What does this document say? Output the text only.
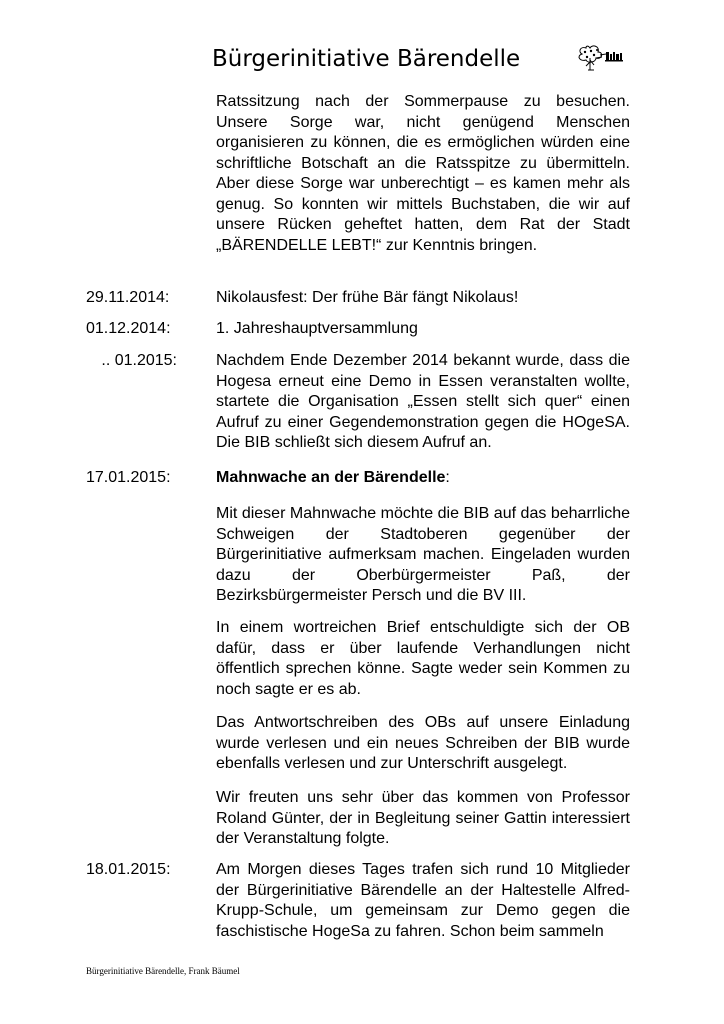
Bürgerinitiative Bärendelle

Ratssitzung nach der Sommerpause zu besuchen. Unsere Sorge war, nicht genügend Menschen organisieren zu können, die es ermöglichen würden eine schriftliche Botschaft an die Ratsspitze zu übermitteln. Aber diese Sorge war unberechtigt – es kamen mehr als genug. So konnten wir mittels Buchstaben, die wir auf unsere Rücken geheftet hatten, dem Rat der Stadt „BÄRENDELLE LEBT!“ zur Kenntnis bringen.

29.11.2014:	Nikolausfest: Der frühe Bär fängt Nikolaus!

01.12.2014:	1. Jahreshauptversammlung

.. 01.2015: Nachdem Ende Dezember 2014 bekannt wurde, dass die Hogesa erneut eine Demo in Essen veranstalten wollte, startete die Organisation „Essen stellt sich quer“ einen Aufruf zu einer Gegendemonstration gegen die HOgeSA. Die BIB schließt sich diesem Aufruf an.

17.01.2015:	Mahnwache an der Bärendelle:

Mit dieser Mahnwache möchte die BIB auf das beharrliche Schweigen der Stadtoberen gegenüber der Bürgerinitiative aufmerksam machen. Eingeladen wurden dazu der Oberbürgermeister Paß, der Bezirksbürgermeister Persch und die BV III.

In einem wortreichen Brief entschuldigte sich der OB dafür, dass er über laufende Verhandlungen nicht öffentlich sprechen könne. Sagte weder sein Kommen zu noch sagte er es ab.

Das Antwortschreiben des OBs auf unsere Einladung wurde verlesen und ein neues Schreiben der BIB wurde ebenfalls verlesen und zur Unterschrift ausgelegt.

Wir freuten uns sehr über das kommen von Professor Roland Günter, der in Begleitung seiner Gattin interessiert der Veranstaltung folgte.

18.01.2015:	Am Morgen dieses Tages trafen sich rund 10 Mitglieder der Bürgerinitiative Bärendelle an der Haltestelle Alfred-Krupp-Schule, um gemeinsam zur Demo gegen die faschistische HogeSa zu fahren. Schon beim sammeln

Bürgerinitiative Bärendelle, Frank Bäumel
